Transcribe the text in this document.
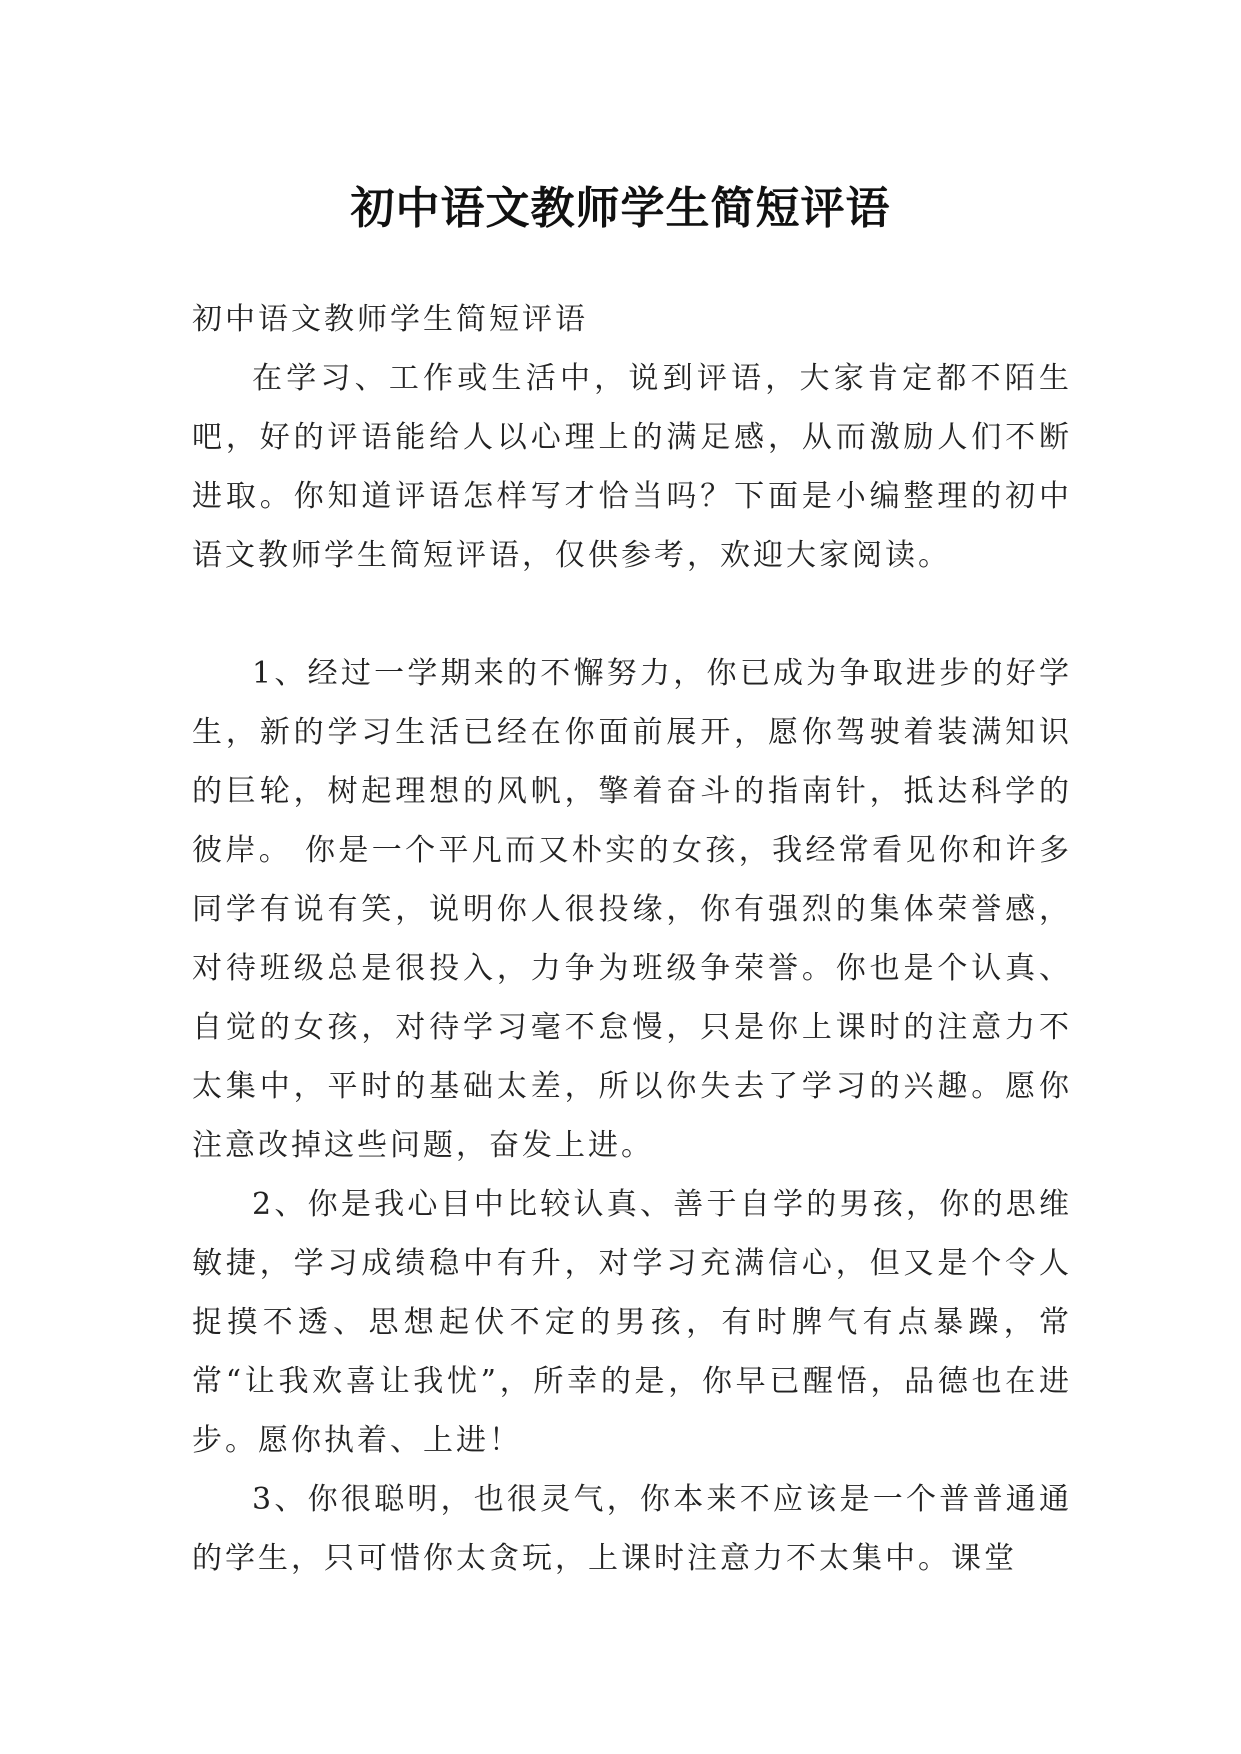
初中语文教师学生简短评语

初中语文教师学生简短评语

在学习、工作或生活中，说到评语，大家肯定都不陌生吧，好的评语能给人以心理上的满足感，从而激励人们不断进取。你知道评语怎样写才恰当吗？下面是小编整理的初中语文教师学生简短评语，仅供参考，欢迎大家阅读。

1、经过一学期来的不懈努力，你已成为争取进步的好学生，新的学习生活已经在你面前展开，愿你驾驶着装满知识的巨轮，树起理想的风帆，擎着奋斗的指南针，抵达科学的彼岸。 你是一个平凡而又朴实的女孩，我经常看见你和许多同学有说有笑，说明你人很投缘，你有强烈的集体荣誉感，对待班级总是很投入，力争为班级争荣誉。你也是个认真、自觉的女孩，对待学习毫不怠慢，只是你上课时的注意力不太集中，平时的基础太差，所以你失去了学习的兴趣。愿你注意改掉这些问题，奋发上进。

2、你是我心目中比较认真、善于自学的男孩，你的思维敏捷，学习成绩稳中有升，对学习充满信心，但又是个令人捉摸不透、思想起伏不定的男孩，有时脾气有点暴躁，常常“让我欢喜让我忧”，所幸的是，你早已醒悟，品德也在进步。愿你执着、上进！

3、你很聪明，也很灵气，你本来不应该是一个普普通通的学生，只可惜你太贪玩，上课时注意力不太集中。课堂
